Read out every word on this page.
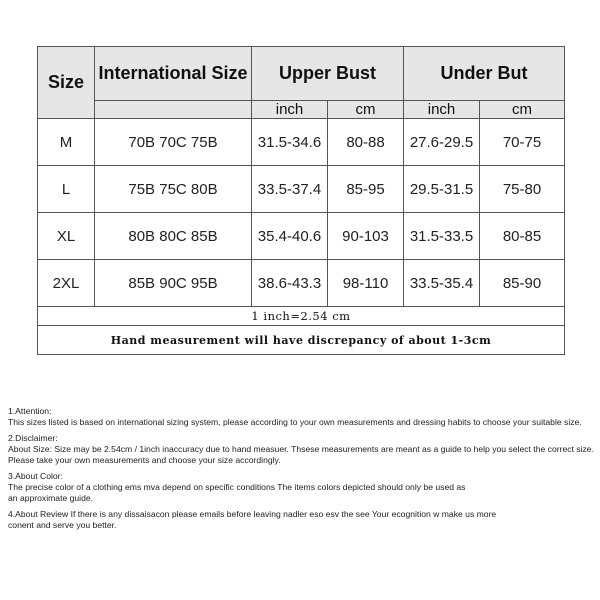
Size	International Size	Upper Bust		Under But	
		inch	cm	inch	cm
M	70B 70C 75B	31.5-34.6	80-88	27.6-29.5	70-75
L	75B 75C 80B	33.5-37.4	85-95	29.5-31.5	75-80
XL	80B 80C 85B	35.4-40.6	90-103	31.5-33.5	80-85
2XL	85B 90C 95B	38.6-43.3	98-110	33.5-35.4	85-90
1 inch=2.54 cm					
Hand measurement will have discrepancy of about 1-3cm					
1.Attention:
This sizes listed is based on international sizing system, please according to your own measurements and dressing habits to choose your suitable size.
2.Disclaimer:
About Size: Size may be 2.54cm / 1inch inaccuracy due to hand measuer. Thsese measurements are meant as a guide to help you select the correct size.
Please take your own measurements and choose your size accordingly.
3.About Color:
The precise color of a clothing ems mva depend on specific conditions The items colors depicted should only be used as
an approximate guide.
4.About Review If there is any dissaisacon please emails before leaving nadler eso esv the see Your ecognition w make us more
conent and serve you better.
